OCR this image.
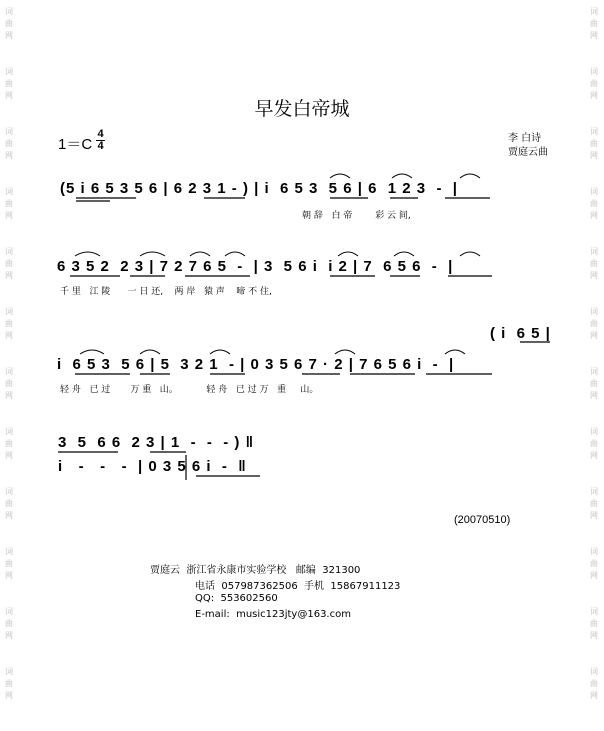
词
曲
网
词
曲
网
词
曲
网
词
曲
网
词
曲
网
词
曲
网
词
曲
网
词
曲
网
词
曲
网
词
曲
网
词
曲
网
词
曲
网
词
曲
网
词
曲
网
词
曲
网
词
曲
网
词
曲
网
词
曲
网
词
曲
网
词
曲
网
词
曲
网
词
曲
网
词
曲
网
词
曲
网
早发白帝城
1＝C
4
4
李 白诗
贾庭云曲
(5 i 6 5 3 5 6 | 6 2 3 1 - ) | i  6 5 3  5 6 | 6  1 2 3  -  |
朝 辞   白 帝        彩 云 间,
6 3 5 2  2 3 | 7 2 7 6 5  -  | 3  5 6 i  i 2 | 7  6 5 6  -  |
千 里   江 陵      一 日 还,    两 岸   猿 声    啼 不 住,
( i  6 5 |
i  6 5 3  5 6 | 5  3 2 1  - | 0 3 5 6 7 · 2 | 7 6 5 6 i  -  |
轻 舟   已 过       万 重   山。          轻 舟   已 过 万   重     山。
3  5  6 6  2 3 | 1  -  -  - ) ‖
i   -   -   -  | 0 3 5 6 i  -  ‖
(20070510)
贾庭云  浙江省永康市实验学校   邮编  321300
电话  057987362506  手机  15867911123
QQ:  553602560
E-mail:  music123jty@163.com
